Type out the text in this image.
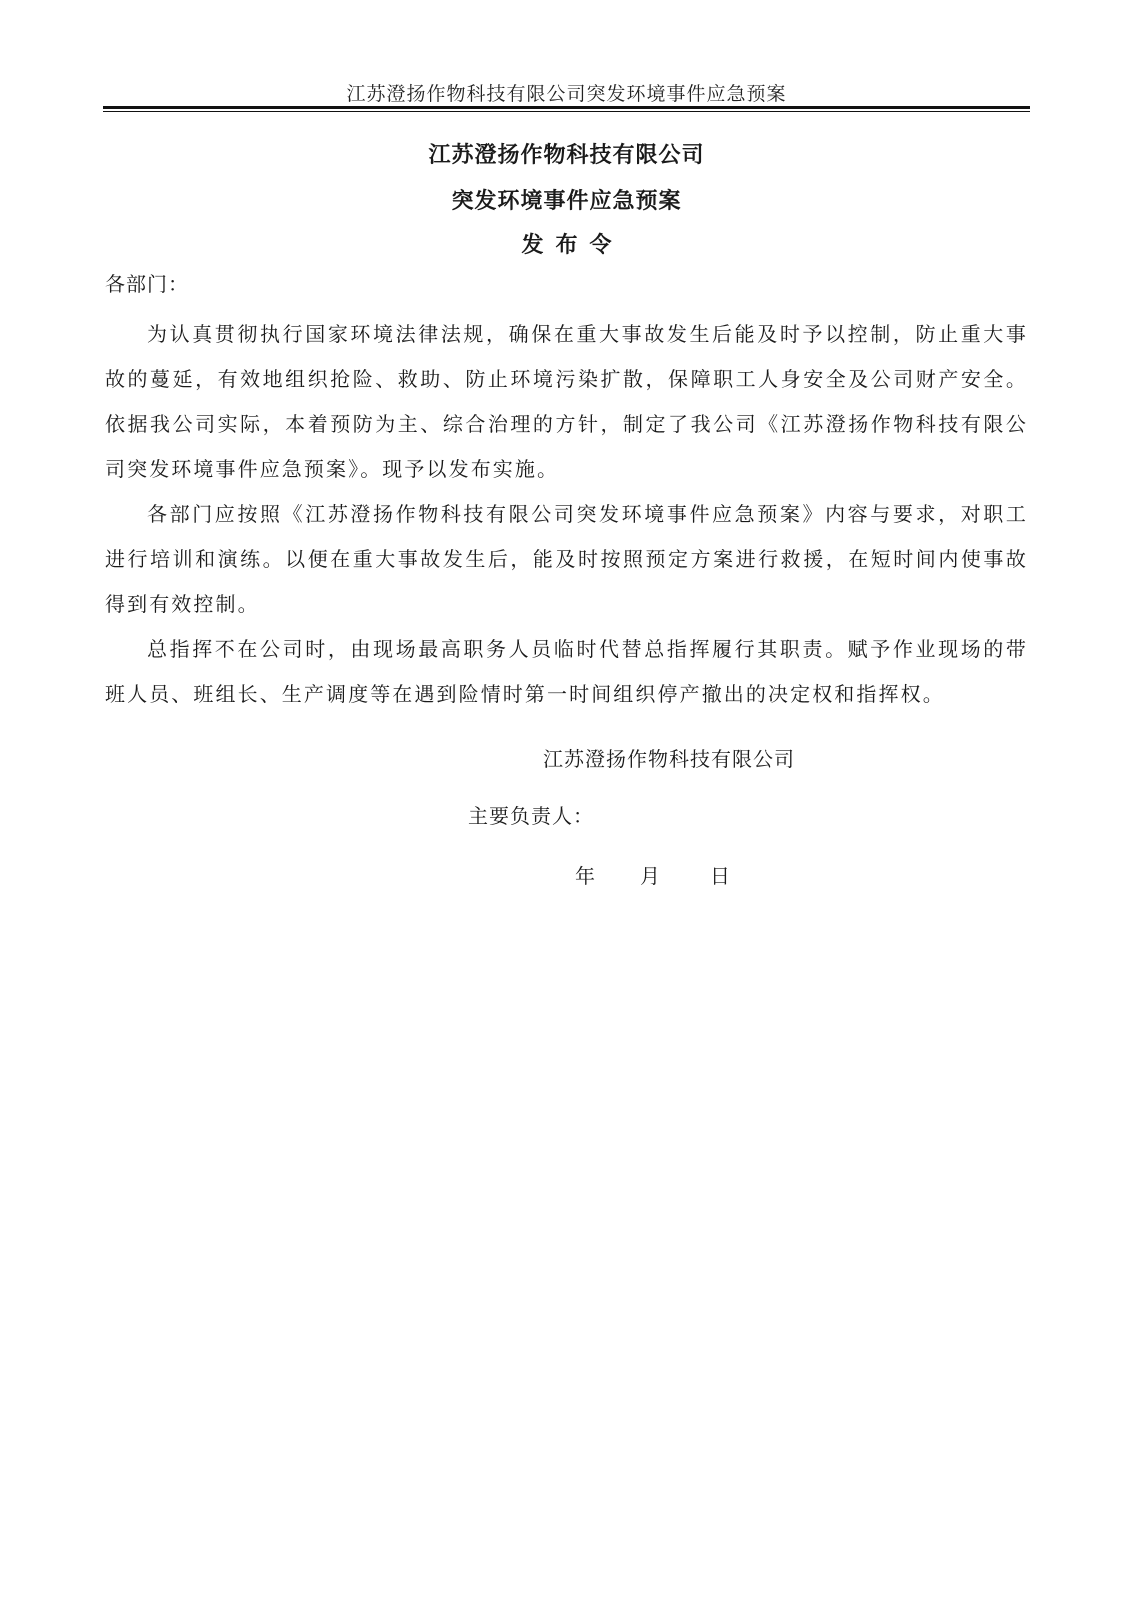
江苏澄扬作物科技有限公司突发环境事件应急预案
江苏澄扬作物科技有限公司
突发环境事件应急预案
发布令
各部门：

为认真贯彻执行国家环境法律法规，确保在重大事故发生后能及时予以控制，防止重大事故的蔓延，有效地组织抢险、救助、防止环境污染扩散，保障职工人身安全及公司财产安全。依据我公司实际，本着预防为主、综合治理的方针，制定了我公司《江苏澄扬作物科技有限公司突发环境事件应急预案》。现予以发布实施。

各部门应按照《江苏澄扬作物科技有限公司突发环境事件应急预案》内容与要求，对职工进行培训和演练。以便在重大事故发生后，能及时按照预定方案进行救援，在短时间内使事故得到有效控制。

总指挥不在公司时，由现场最高职务人员临时代替总指挥履行其职责。赋予作业现场的带班人员、班组长、生产调度等在遇到险情时第一时间组织停产撤出的决定权和指挥权。

江苏澄扬作物科技有限公司
主要负责人：
年 月	日
